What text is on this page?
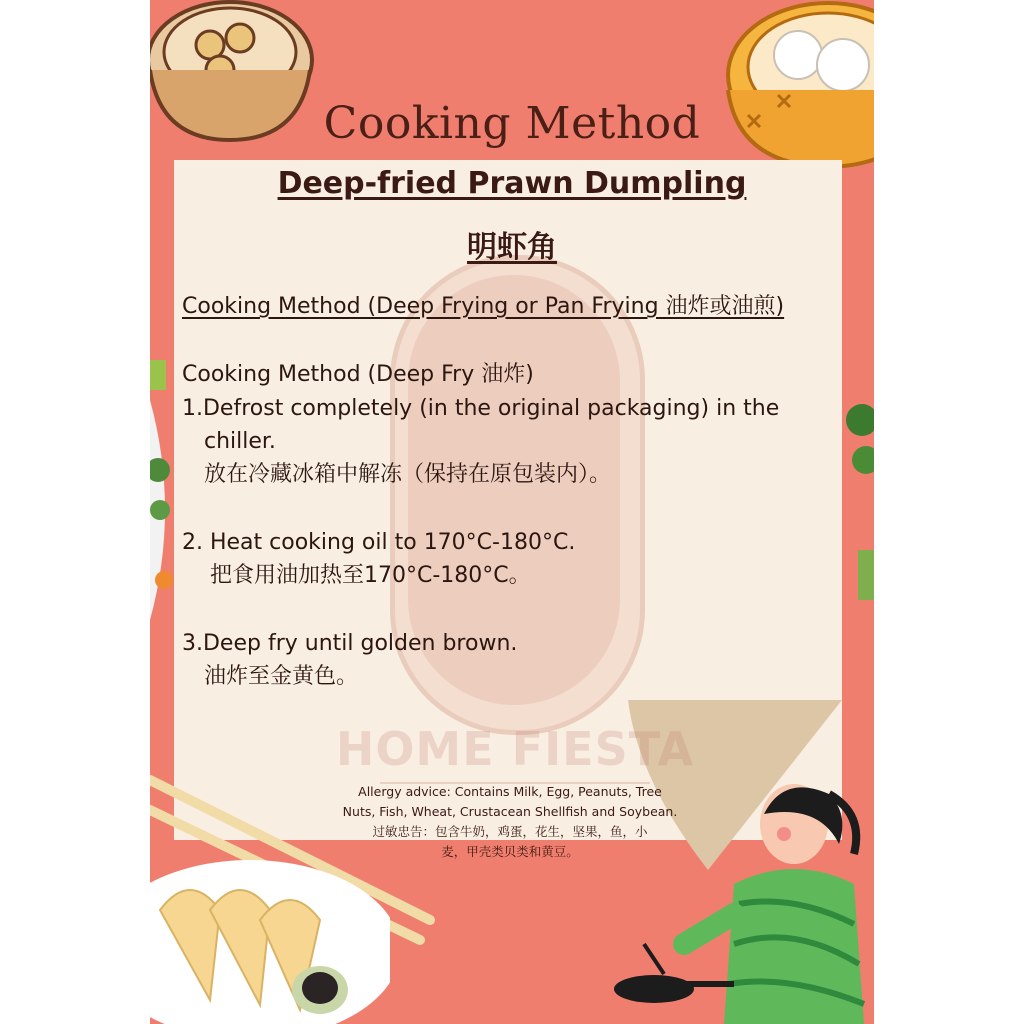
HOME FIESTA
Cooking Method
Deep-fried Prawn Dumpling
明虾角
Cooking Method (Deep Frying or Pan Frying 油炸或油煎)
Cooking Method (Deep Fry 油炸)
1.Defrost completely (in the original packaging) in the
chiller.
放在冷藏冰箱中解冻（保持在原包装内）。
2. Heat cooking oil to 170°C-180°C.
把食用油加热至170°C-180°C。
3.Deep fry until golden brown.
油炸至金黄色。
Allergy advice: Contains Milk, Egg, Peanuts, Tree
Nuts, Fish, Wheat, Crustacean Shellfish and Soybean.
过敏忠告：包含牛奶，鸡蛋，花生，坚果，鱼，小
麦，甲壳类贝类和黄豆。
